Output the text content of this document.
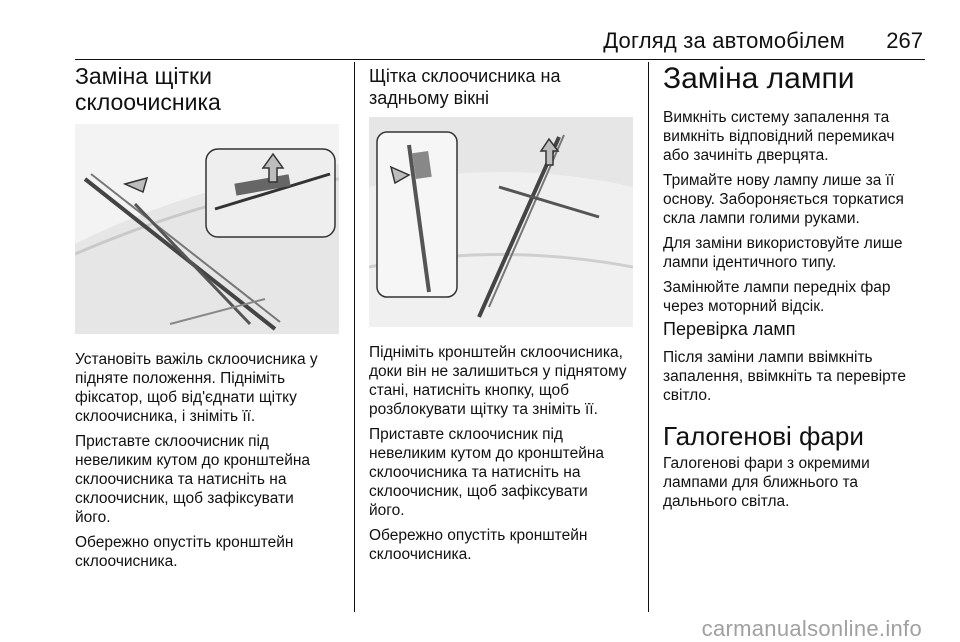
Догляд за автомобілем 267
Заміна щітки
склоочисника
Установіть важіль склоочисника у
підняте положення. Підніміть
фіксатор, щоб від'єднати щітку
склоочисника, і зніміть її.
Приставте склоочисник під
невеликим кутом до кронштейна
склоочисника та натисніть на
склоочисник, щоб зафіксувати
його.
Обережно опустіть кронштейн
склоочисника.
Щітка склоочисника на
задньому вікні
Підніміть кронштейн склоочисника,
доки він не залишиться у піднятому
стані, натисніть кнопку, щоб
розблокувати щітку та зніміть її.
Приставте склоочисник під
невеликим кутом до кронштейна
склоочисника та натисніть на
склоочисник, щоб зафіксувати
його.
Обережно опустіть кронштейн
склоочисника.
Заміна лампи
Вимкніть систему запалення та
вимкніть відповідний перемикач
або зачиніть дверцята.
Тримайте нову лампу лише за її
основу. Забороняється торкатися
скла лампи голими руками.
Для заміни використовуйте лише
лампи ідентичного типу.
Замінюйте лампи передніх фар
через моторний відсік.
Перевірка ламп
Після заміни лампи ввімкніть
запалення, ввімкніть та перевірте
світло.
Галогенові фари
Галогенові фари з окремими
лампами для ближнього та
дальнього світла.
carmanualsonline.info
